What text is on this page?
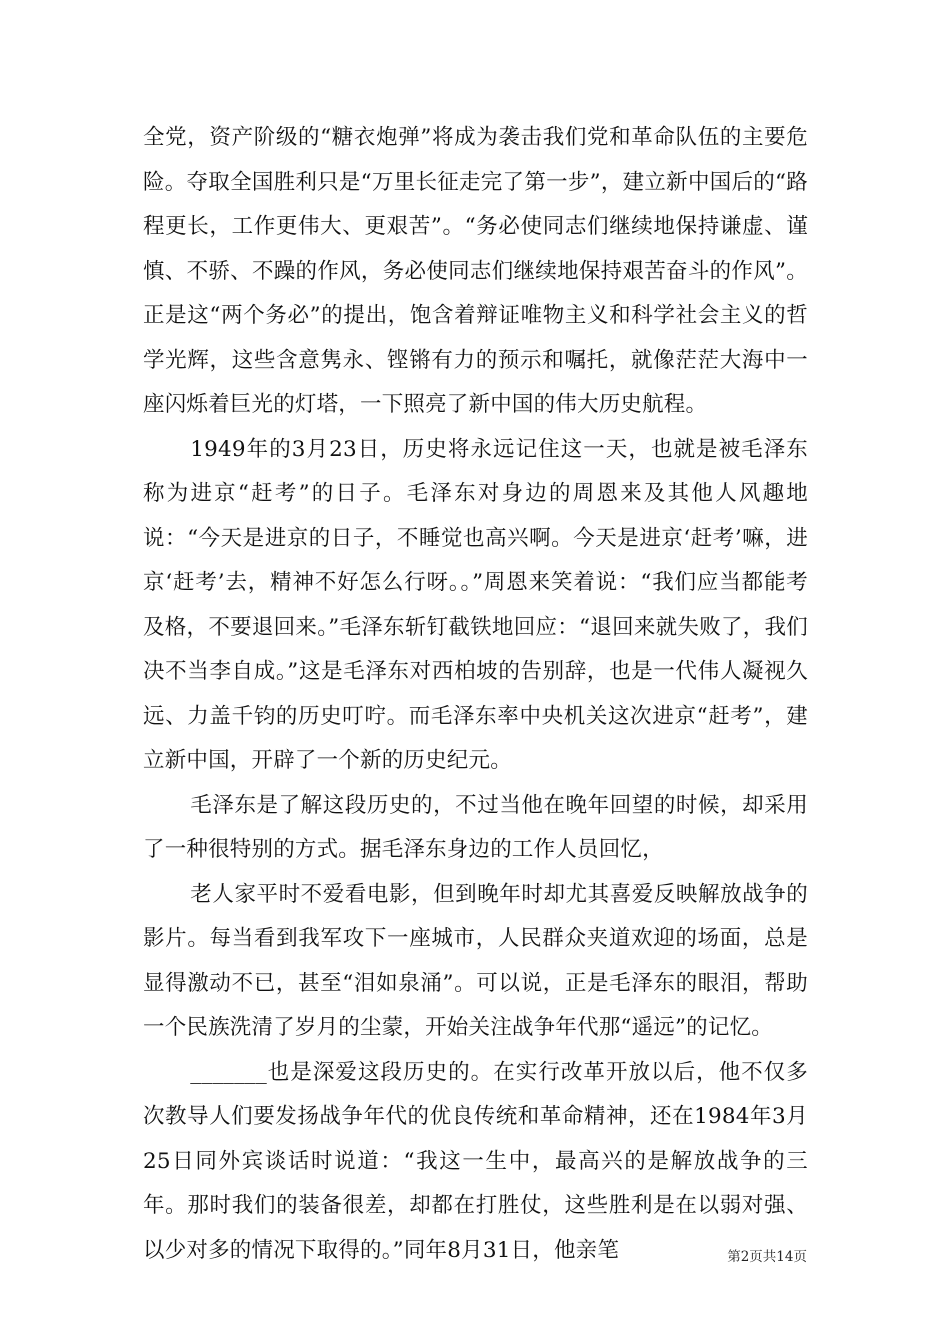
全党，资产阶级的“糖衣炮弹”将成为袭击我们党和革命队伍的主要危险。夺取全国胜利只是“万里长征走完了第一步”，建立新中国后的“路程更长，工作更伟大、更艰苦”。“务必使同志们继续地保持谦虚、谨慎、不骄、不躁的作风，务必使同志们继续地保持艰苦奋斗的作风”。正是这“两个务必”的提出，饱含着辩证唯物主义和科学社会主义的哲学光辉，这些含意隽永、铿锵有力的预示和嘱托，就像茫茫大海中一座闪烁着巨光的灯塔，一下照亮了新中国的伟大历史航程。

1949年的3月23日，历史将永远记住这一天，也就是被毛泽东称为进京“赶考”的日子。毛泽东对身边的周恩来及其他人风趣地说：“今天是进京的日子，不睡觉也高兴啊。今天是进京‘赶考’嘛，进京‘赶考’去，精神不好怎么行呀。。”周恩来笑着说：“我们应当都能考及格，不要退回来。”毛泽东斩钉截铁地回应：“退回来就失败了，我们决不当李自成。”这是毛泽东对西柏坡的告别辞，也是一代伟人凝视久远、力盖千钧的历史叮咛。而毛泽东率中央机关这次进京“赶考”，建立新中国，开辟了一个新的历史纪元。

毛泽东是了解这段历史的，不过当他在晚年回望的时候，却采用了一种很特别的方式。据毛泽东身边的工作人员回忆，

老人家平时不爱看电影，但到晚年时却尤其喜爱反映解放战争的影片。每当看到我军攻下一座城市，人民群众夹道欢迎的场面，总是显得激动不已，甚至“泪如泉涌”。可以说，正是毛泽东的眼泪，帮助一个民族洗清了岁月的尘蒙，开始关注战争年代那“遥远”的记忆。

_______也是深爱这段历史的。在实行改革开放以后，他不仅多次教导人们要发扬战争年代的优良传统和革命精神，还在1984年3月25日同外宾谈话时说道：“我这一生中，最高兴的是解放战争的三年。那时我们的装备很差，却都在打胜仗，这些胜利是在以弱对强、以少对多的情况下取得的。”同年8月31日，他亲笔	第2页共14页
